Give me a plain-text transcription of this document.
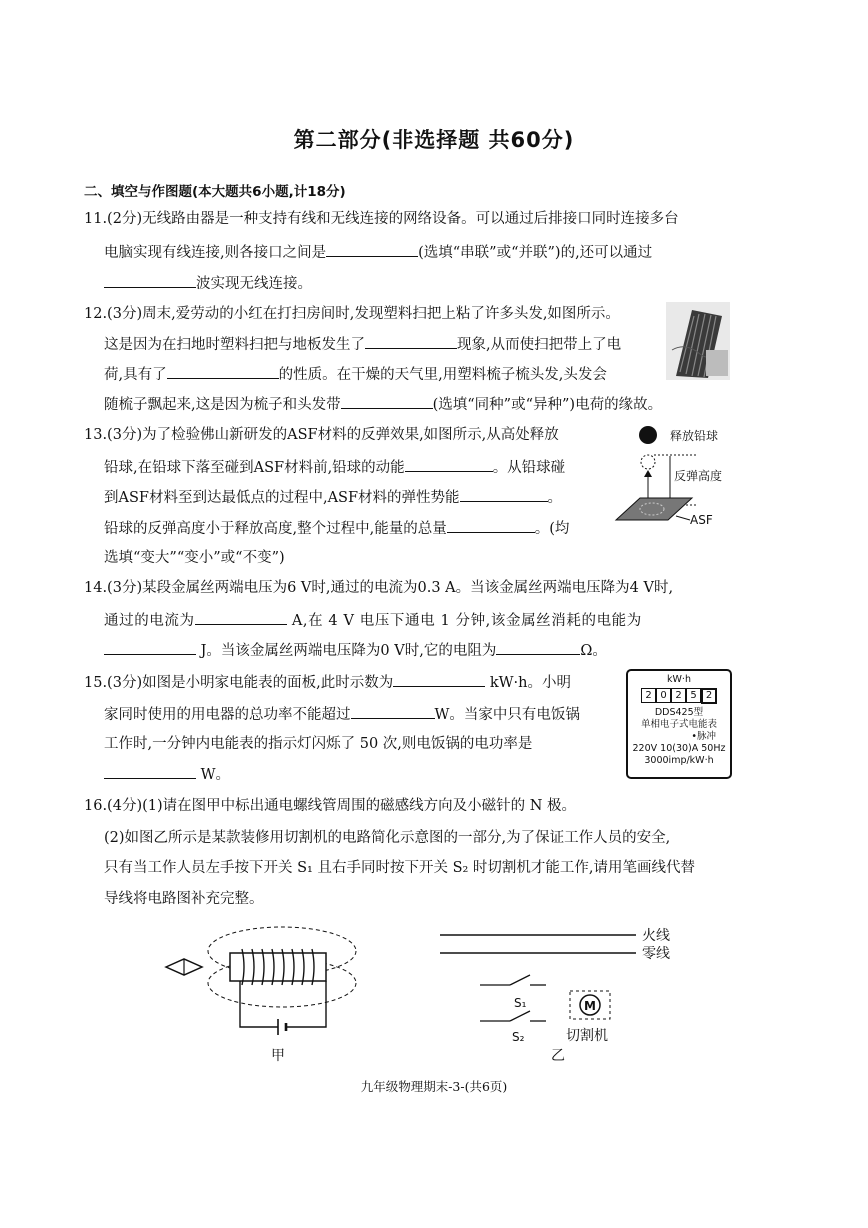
第二部分(非选择题 共60分)
二、填空与作图题(本大题共6小题,计18分)
11.(2分)无线路由器是一种支持有线和无线连接的网络设备。可以通过后排接口同时连接多台
电脑实现有线连接,则各接口之间是	(选填“串联”或“并联”)的,还可以通过
波实现无线连接。
12.(3分)周末,爱劳动的小红在打扫房间时,发现塑料扫把上粘了许多头发,如图所示。
这是因为在扫地时塑料扫把与地板发生了	现象,从而使扫把带上了电
荷,具有了	的性质。在干燥的天气里,用塑料梳子梳头发,头发会
随梳子飘起来,这是因为梳子和头发带	(选填“同种”或“异种”)电荷的缘故。
13.(3分)为了检验佛山新研发的ASF材料的反弹效果,如图所示,从高处释放
铅球,在铅球下落至碰到ASF材料前,铅球的动能	。从铅球碰
到ASF材料至到达最低点的过程中,ASF材料的弹性势能	。
铅球的反弹高度小于释放高度,整个过程中,能量的总量	。(均
选填“变大”“变小”或“不变”)
释放铅球
反弹高度
ASF
14.(3分)某段金属丝两端电压为6 V时,通过的电流为0.3 A。当该金属丝两端电压降为4 V时,
通过的电流为	A,在 4 V 电压下通电 1 分钟,该金属丝消耗的电能为
J。当该金属丝两端电压降为0 V时,它的电阻为	Ω。
15.(3分)如图是小明家电能表的面板,此时示数为	kW·h。小明
家同时使用的用电器的总功率不能超过	W。当家中只有电饭锅
工作时,一分钟内电能表的指示灯闪烁了 50 次,则电饭锅的电功率是
W。
kW·h
2 0 2 5 2
DDS425型
单相电子式电能表
•脉冲
220V 10(30)A 50Hz
3000imp/kW·h
16.(4分)(1)请在图甲中标出通电螺线管周围的磁感线方向及小磁针的 N 极。
(2)如图乙所示是某款装修用切割机的电路简化示意图的一部分,为了保证工作人员的安全,
只有当工作人员左手按下开关 S₁ 且右手同时按下开关 S₂ 时切割机才能工作,请用笔画线代替
导线将电路图补充完整。
甲
火线
零线
S₁
S₂
M
切割机
乙
九年级物理期末-3-(共6页)
